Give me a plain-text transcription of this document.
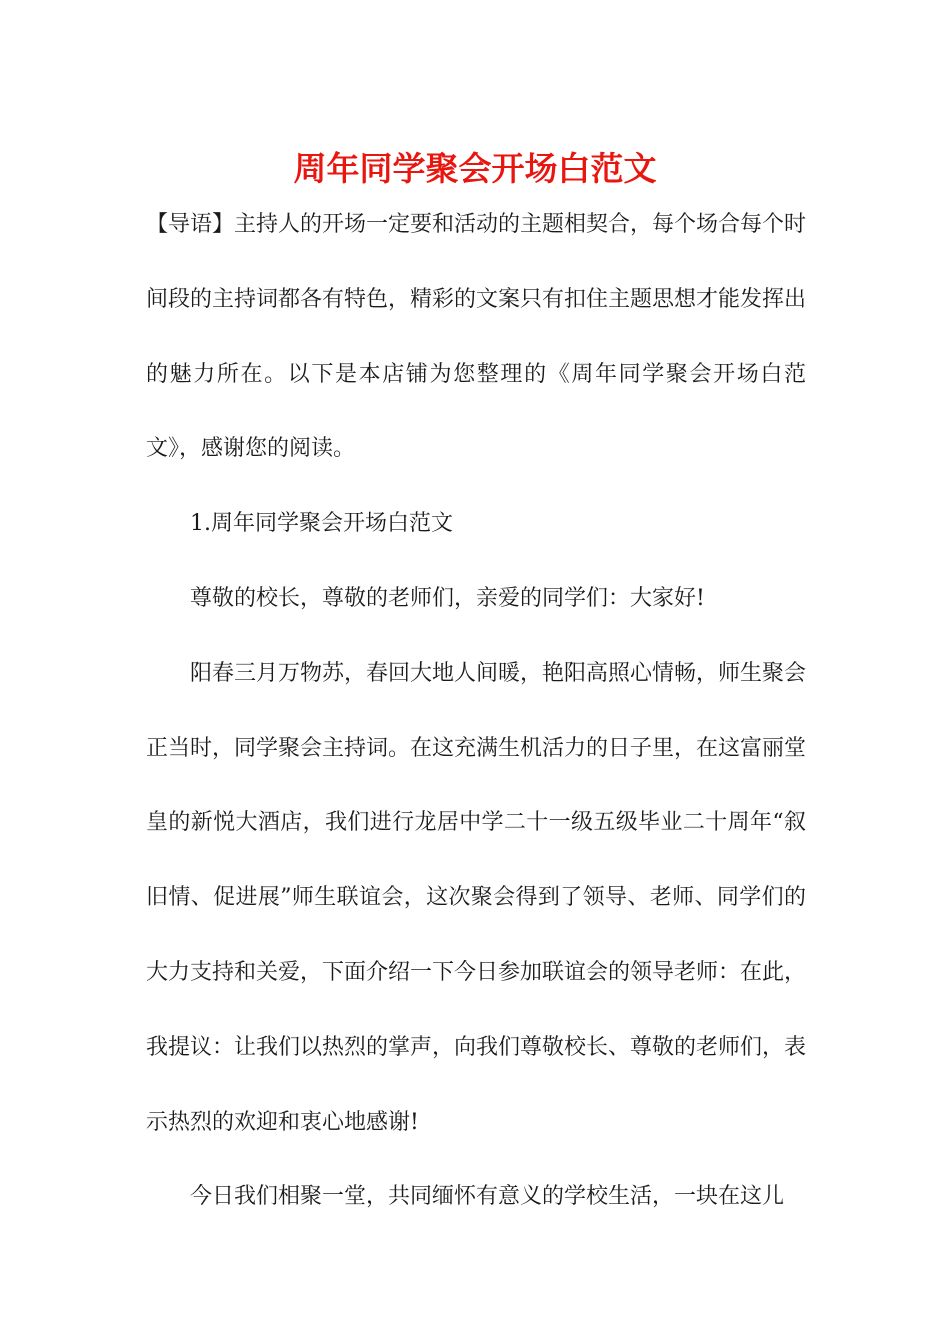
周年同学聚会开场白范文

【导语】主持人的开场一定要和活动的主题相契合，每个场合每个时间段的主持词都各有特色，精彩的文案只有扣住主题思想才能发挥出的魅力所在。以下是本店铺为您整理的《周年同学聚会开场白范文》，感谢您的阅读。

1.周年同学聚会开场白范文

尊敬的校长，尊敬的老师们，亲爱的同学们：大家好!

阳春三月万物苏，春回大地人间暖，艳阳高照心情畅，师生聚会正当时，同学聚会主持词。在这充满生机活力的日子里，在这富丽堂皇的新悦大酒店，我们进行龙居中学二十一级五级毕业二十周年“叙旧情、促进展”师生联谊会，这次聚会得到了领导、老师、同学们的大力支持和关爱，下面介绍一下今日参加联谊会的领导老师：在此，我提议：让我们以热烈的掌声，向我们尊敬校长、尊敬的老师们，表示热烈的欢迎和衷心地感谢!

今日我们相聚一堂，共同缅怀有意义的学校生活，一块在这儿
